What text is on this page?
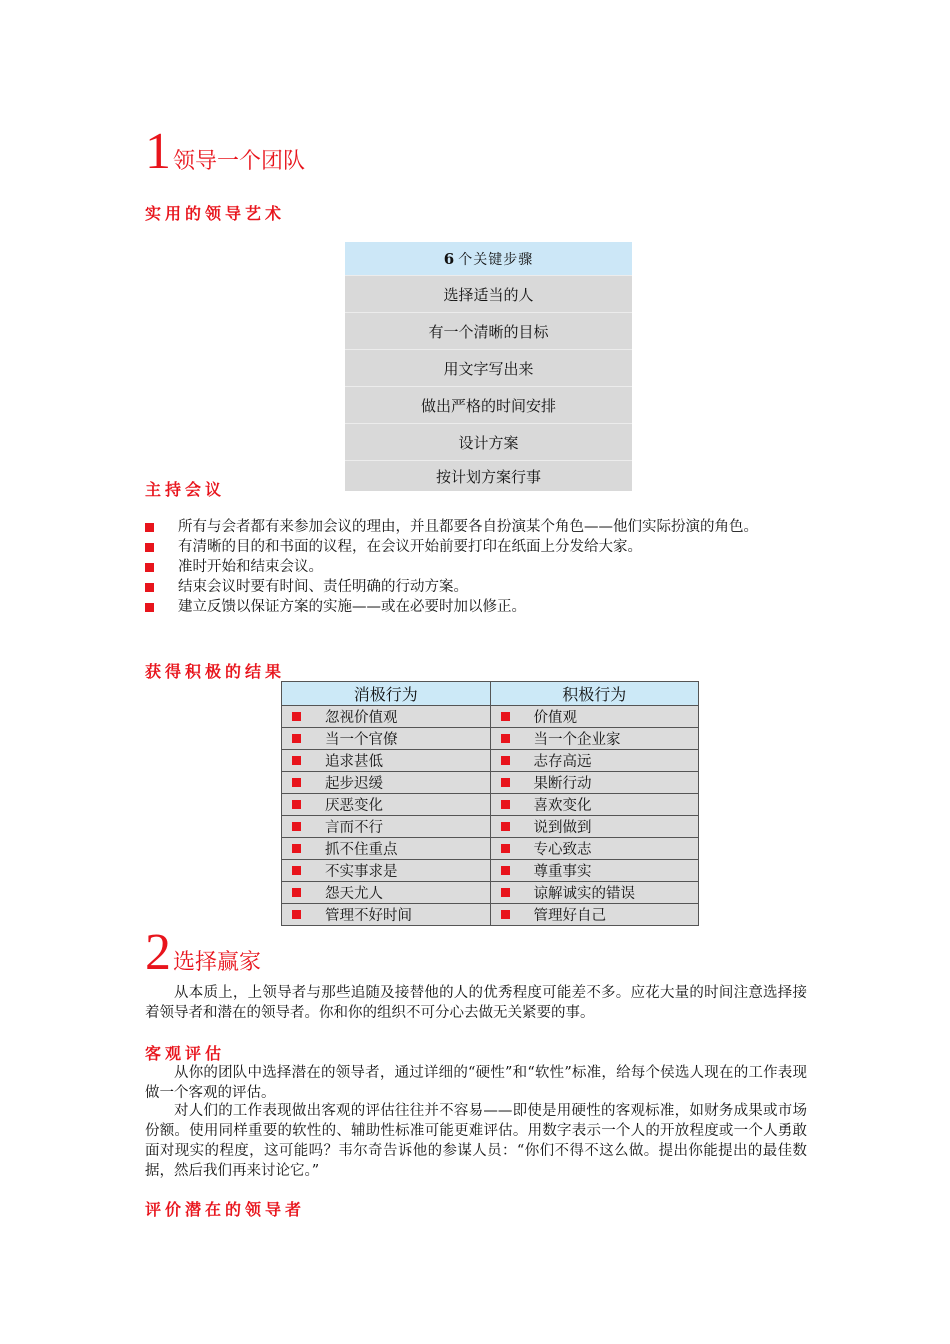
1 领导一个团队
实用的领导艺术
6 个关键步骤
选择适当的人
有一个清晰的目标
用文字写出来
做出严格的时间安排
设计方案
按计划方案行事
主持会议
所有与会者都有来参加会议的理由，并且都要各自扮演某个角色——他们实际扮演的角色。
有清晰的目的和书面的议程，在会议开始前要打印在纸面上分发给大家。
准时开始和结束会议。
结束会议时要有时间、责任明确的行动方案。
建立反馈以保证方案的实施——或在必要时加以修正。
获得积极的结果
消极行为	积极行为

忽视价值观	价值观

当一个官僚	当一个企业家

追求甚低	志存高远

起步迟缓	果断行动

厌恶变化	喜欢变化

言而不行	说到做到

抓不住重点	专心致志

不实事求是	尊重事实

怨天尤人	谅解诚实的错误

管理不好时间	管理好自己
2 选择赢家

从本质上，上领导者与那些追随及接替他的人的优秀程度可能差不多。应花大量的时间注意选择接着领导者和潜在的领导者。你和你的组织不可分心去做无关紧要的事。

客观评估

从你的团队中选择潜在的领导者，通过详细的“硬性”和“软性”标准，给每个侯选人现在的工作表现做一个客观的评估。

对人们的工作表现做出客观的评估往往并不容易——即使是用硬性的客观标准，如财务成果或市场份额。使用同样重要的软性的、辅助性标准可能更难评估。用数字表示一个人的开放程度或一个人勇敢面对现实的程度，这可能吗？韦尔奇告诉他的参谋人员：“你们不得不这么做。提出你能提出的最佳数据，然后我们再来讨论它。”

评价潜在的领导者
